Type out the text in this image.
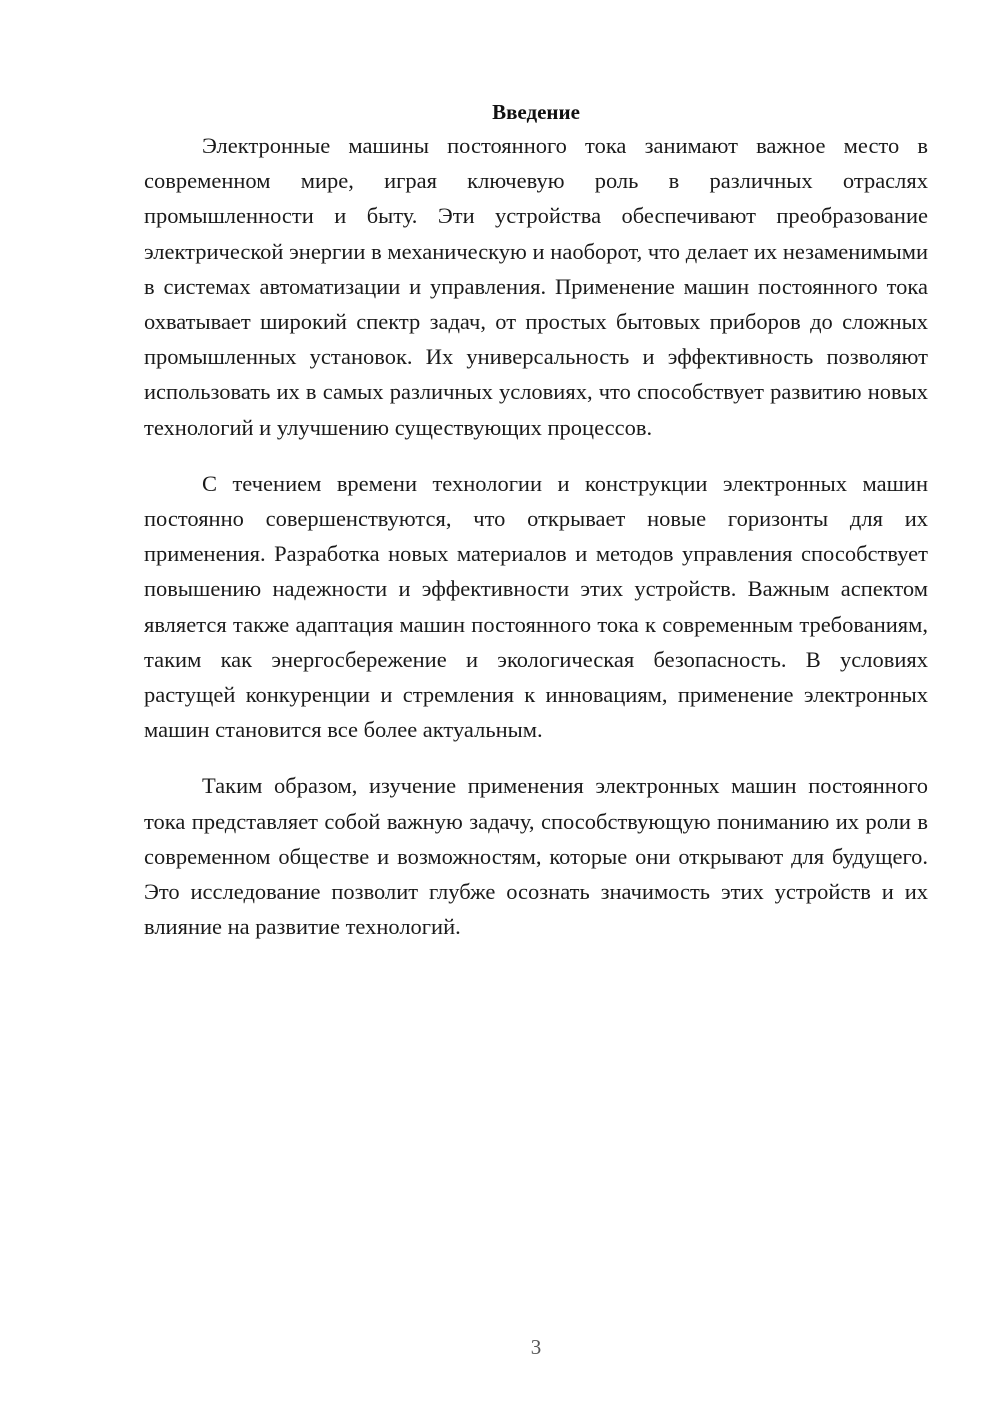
Введение

Электронные машины постоянного тока занимают важное место в современном мире, играя ключевую роль в различных отраслях промышленности и быту. Эти устройства обеспечивают преобразование электрической энергии в механическую и наоборот, что делает их незаменимыми в системах автоматизации и управления. Применение машин постоянного тока охватывает широкий спектр задач, от простых бытовых приборов до сложных промышленных установок. Их универсальность и эффективность позволяют использовать их в самых различных условиях, что способствует развитию новых технологий и улучшению существующих процессов.

С течением времени технологии и конструкции электронных машин постоянно совершенствуются, что открывает новые горизонты для их применения. Разработка новых материалов и методов управления способствует повышению надежности и эффективности этих устройств. Важным аспектом является также адаптация машин постоянного тока к современным требованиям, таким как энергосбережение и экологическая безопасность. В условиях растущей конкуренции и стремления к инновациям, применение электронных машин становится все более актуальным.

Таким образом, изучение применения электронных машин постоянного тока представляет собой важную задачу, способствующую пониманию их роли в современном обществе и возможностям, которые они открывают для будущего. Это исследование позволит глубже осознать значимость этих устройств и их влияние на развитие технологий.

3
